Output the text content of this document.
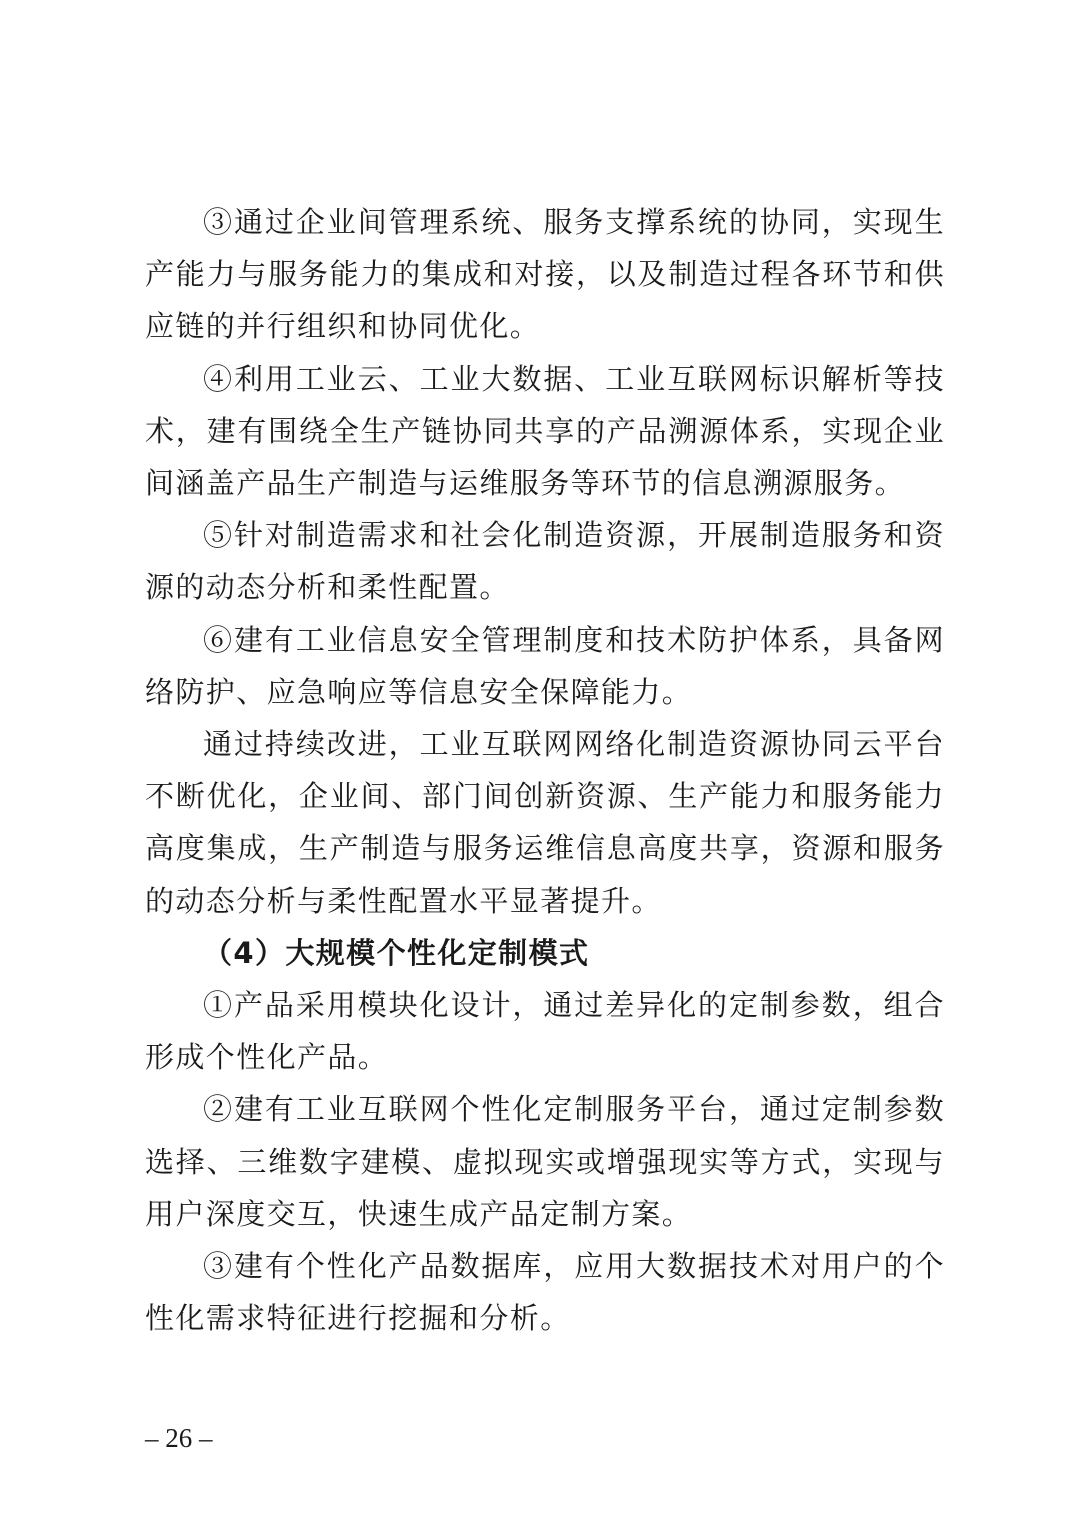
③通过企业间管理系统、服务支撑系统的协同，实现生产能力与服务能力的集成和对接，以及制造过程各环节和供应链的并行组织和协同优化。

④利用工业云、工业大数据、工业互联网标识解析等技术，建有围绕全生产链协同共享的产品溯源体系，实现企业间涵盖产品生产制造与运维服务等环节的信息溯源服务。

⑤针对制造需求和社会化制造资源，开展制造服务和资源的动态分析和柔性配置。

⑥建有工业信息安全管理制度和技术防护体系，具备网络防护、应急响应等信息安全保障能力。

通过持续改进，工业互联网网络化制造资源协同云平台不断优化，企业间、部门间创新资源、生产能力和服务能力高度集成，生产制造与服务运维信息高度共享，资源和服务的动态分析与柔性配置水平显著提升。

（4）大规模个性化定制模式

①产品采用模块化设计，通过差异化的定制参数，组合形成个性化产品。

②建有工业互联网个性化定制服务平台，通过定制参数选择、三维数字建模、虚拟现实或增强现实等方式，实现与用户深度交互，快速生成产品定制方案。

③建有个性化产品数据库，应用大数据技术对用户的个性化需求特征进行挖掘和分析。

– 26 –
